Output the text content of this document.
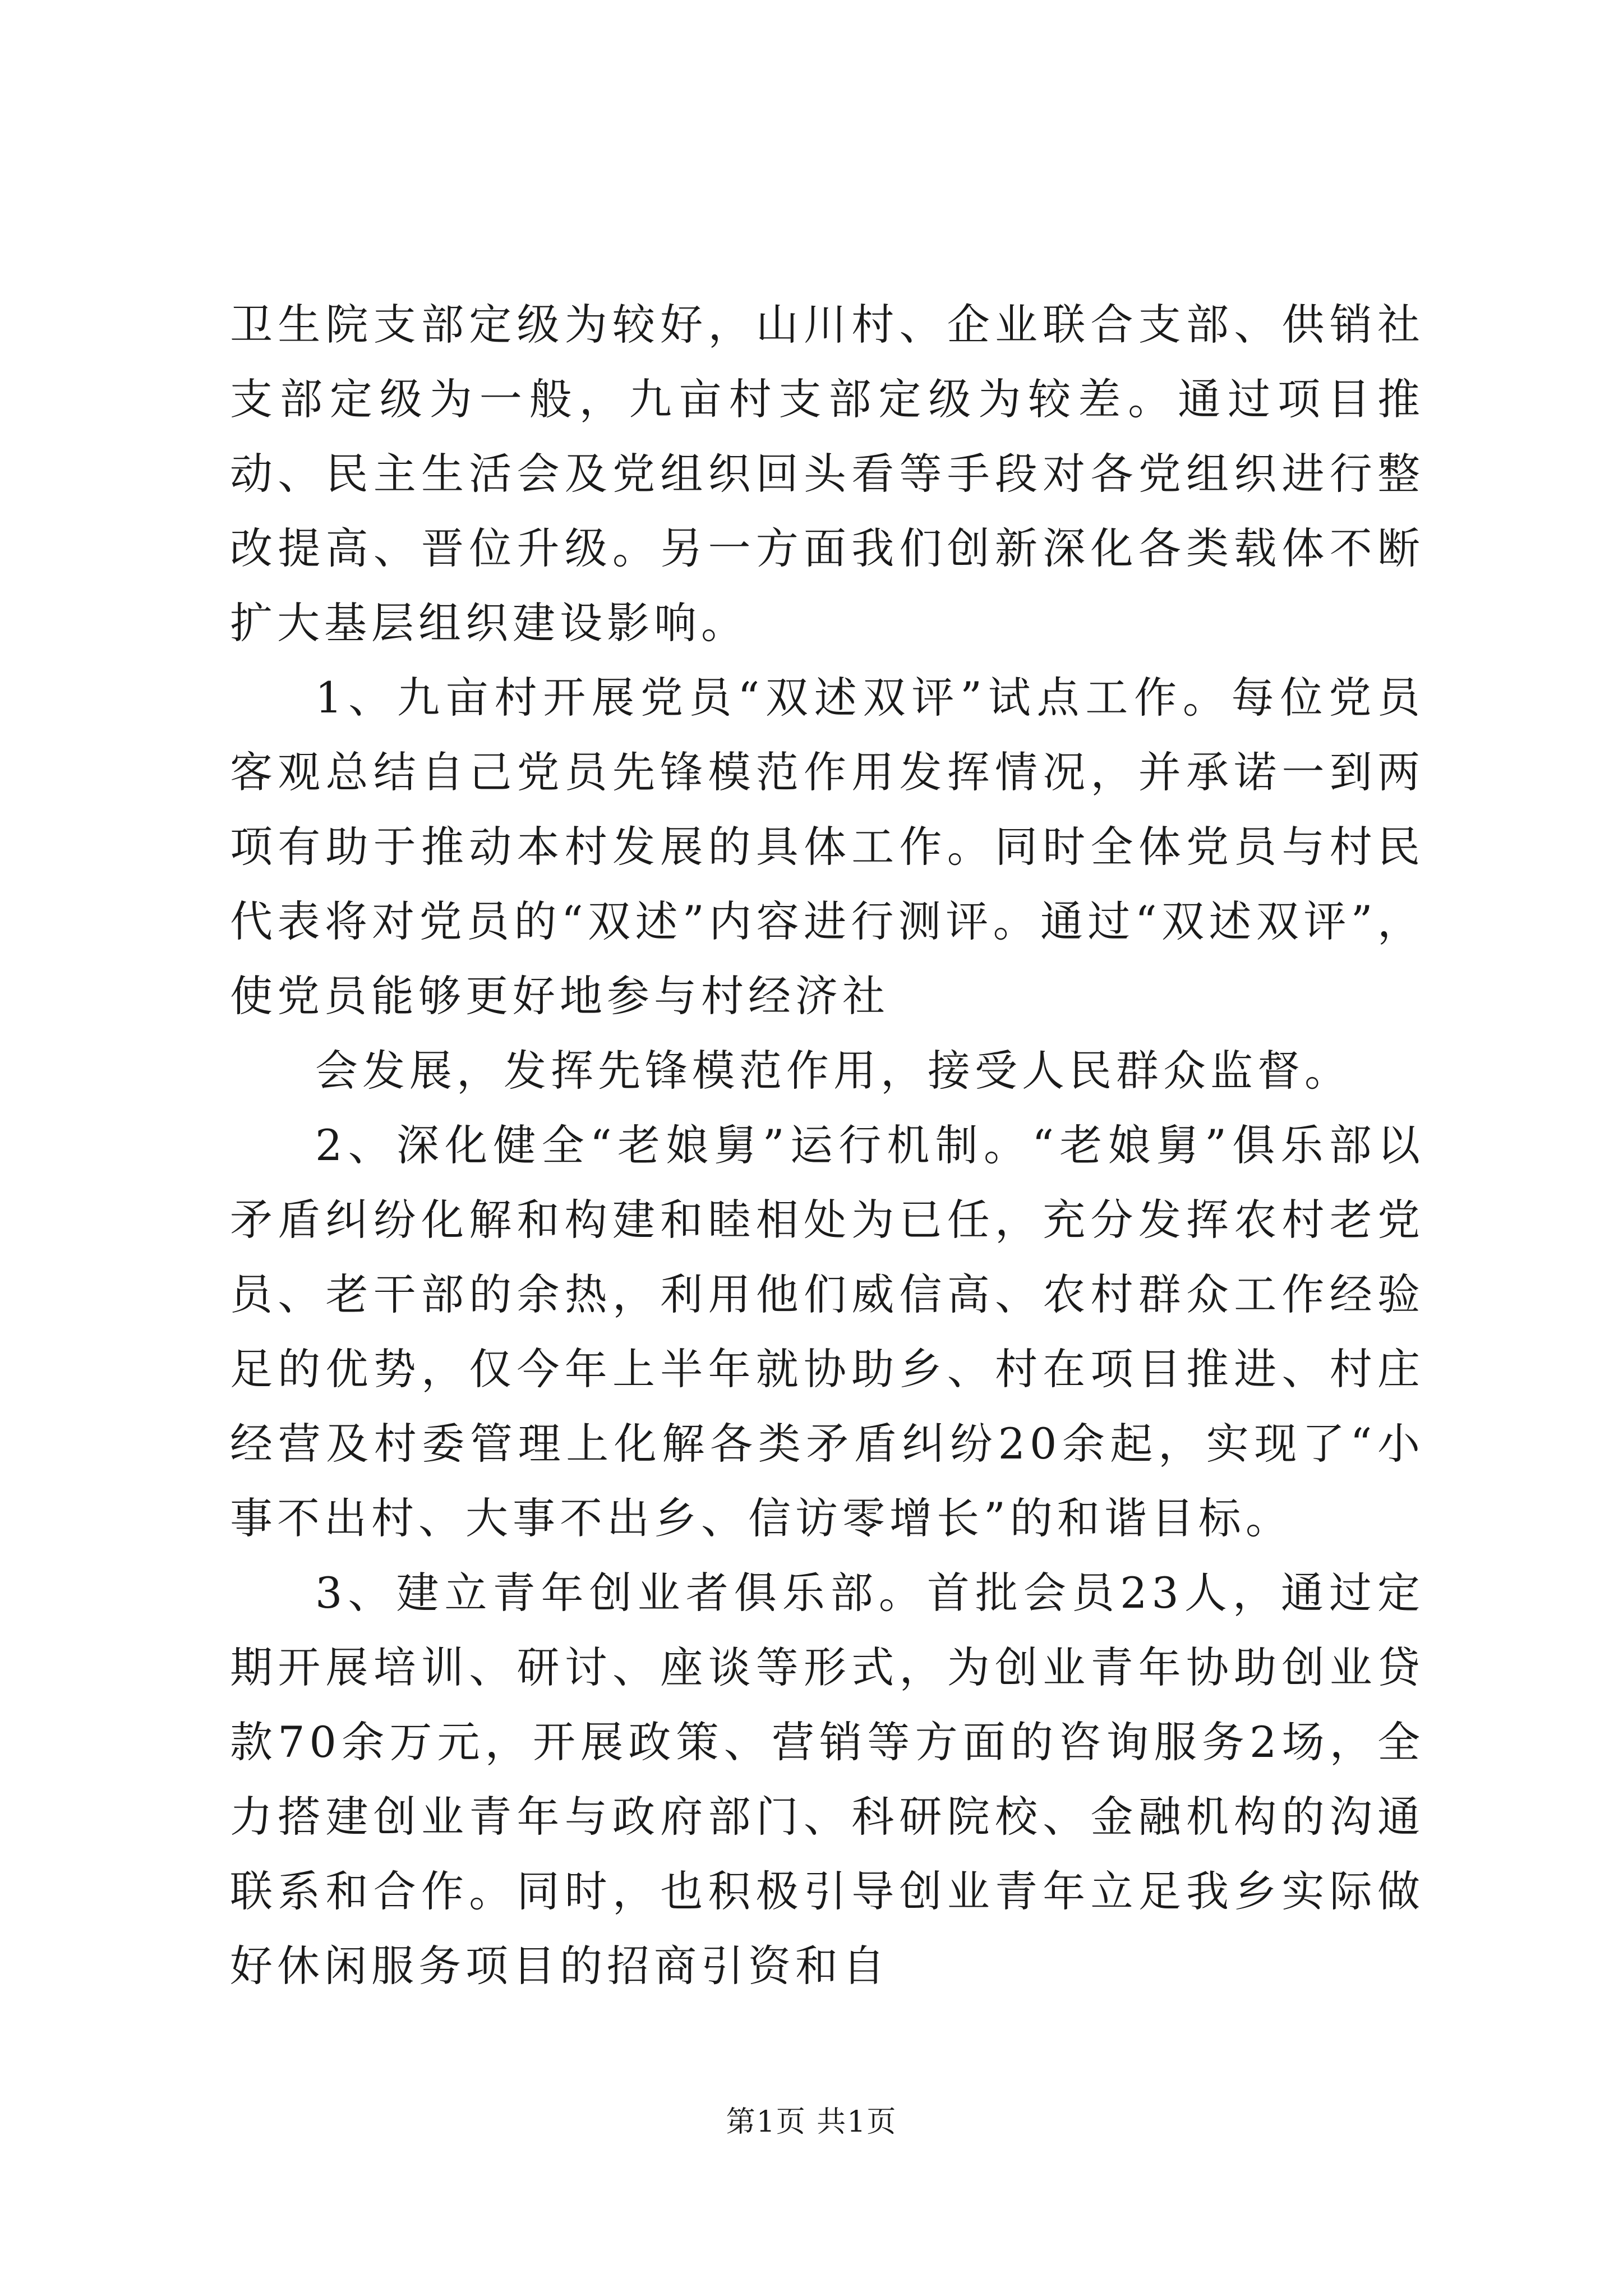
卫生院支部定级为较好，山川村、企业联合支部、供销社支部定级为一般，九亩村支部定级为较差。通过项目推动、民主生活会及党组织回头看等手段对各党组织进行整改提高、晋位升级。另一方面我们创新深化各类载体不断扩大基层组织建设影响。

1、九亩村开展党员“双述双评”试点工作。每位党员客观总结自己党员先锋模范作用发挥情况，并承诺一到两项有助于推动本村发展的具体工作。同时全体党员与村民代表将对党员的“双述”内容进行测评。通过“双述双评”，使党员能够更好地参与村经济社

会发展，发挥先锋模范作用，接受人民群众监督。

2、深化健全“老娘舅”运行机制。“老娘舅”俱乐部以矛盾纠纷化解和构建和睦相处为已任，充分发挥农村老党员、老干部的余热，利用他们威信高、农村群众工作经验足的优势，仅今年上半年就协助乡、村在项目推进、村庄经营及村委管理上化解各类矛盾纠纷20余起，实现了“小事不出村、大事不出乡、信访零增长”的和谐目标。

3、建立青年创业者俱乐部。首批会员23人，通过定期开展培训、研讨、座谈等形式，为创业青年协助创业贷款70余万元，开展政策、营销等方面的咨询服务2场，全力搭建创业青年与政府部门、科研院校、金融机构的沟通联系和合作。同时，也积极引导创业青年立足我乡实际做好休闲服务项目的招商引资和自

第1页 共1页
